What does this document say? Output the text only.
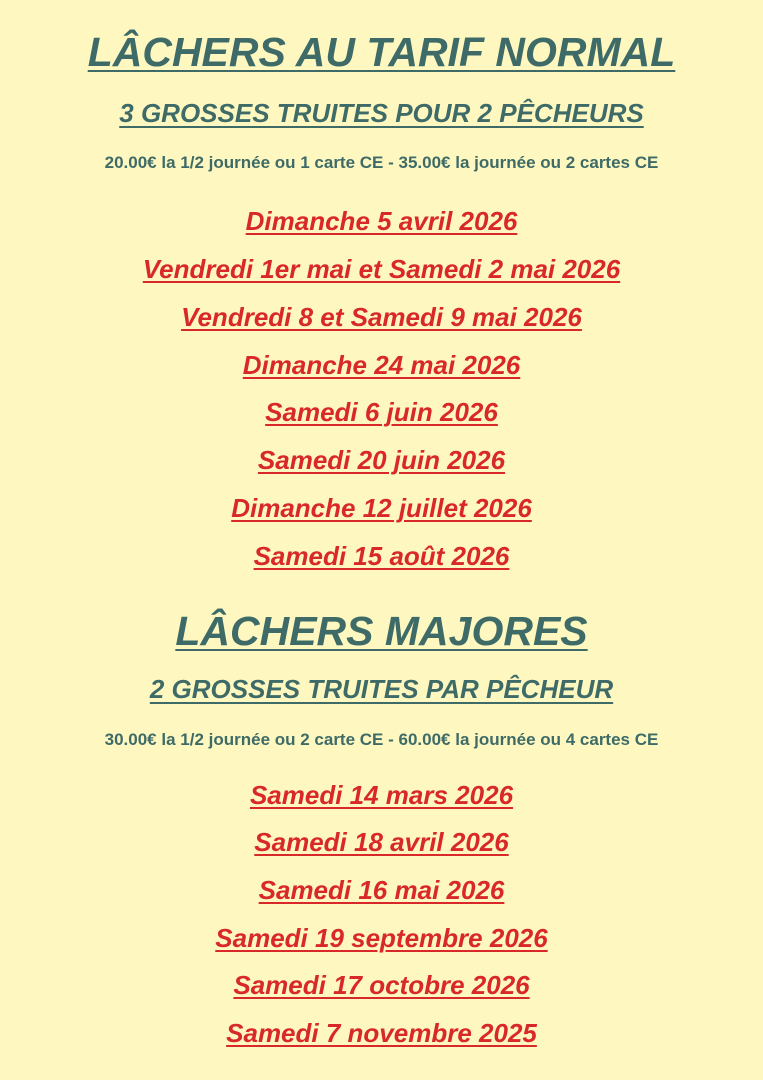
LÂCHERS AU TARIF NORMAL
3 GROSSES TRUITES POUR 2 PÊCHEURS
20.00€ la 1/2 journée ou 1 carte CE - 35.00€ la journée ou 2 cartes CE
Dimanche 5 avril 2026
Vendredi 1er mai et Samedi 2 mai 2026
Vendredi 8 et Samedi 9 mai 2026
Dimanche 24 mai 2026
Samedi 6 juin 2026
Samedi 20 juin 2026
Dimanche 12 juillet 2026
Samedi 15 août 2026
LÂCHERS MAJORES
2 GROSSES TRUITES PAR PÊCHEUR
30.00€ la 1/2 journée ou 2 carte CE - 60.00€ la journée ou 4 cartes CE
Samedi 14 mars 2026
Samedi 18 avril 2026
Samedi 16 mai 2026
Samedi 19 septembre 2026
Samedi 17 octobre 2026
Samedi 7 novembre 2025
